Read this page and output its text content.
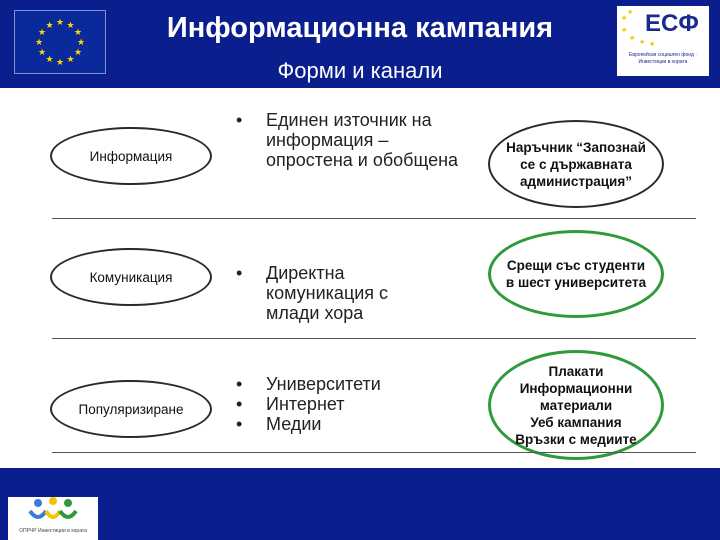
★ ★
★
★
★
★
★
★
★
★
★
★	Информационна кампания
Форми и канали
★
★
★
★ ★ ★
ЕСФ
Европейски социален фонд · Инвестиции в хората
Информация
•	Единен източник на информация – опростена и обобщена
Наръчник “Запознай се с държавната администрация”
Комуникация	•	Директна комуникация с млади хора
Срещи със студенти в шест университета
Популяризиране
•	Университети
•	Интернет
•	Медии
Плакати
Информационни материали
Уеб кампания
Връзки с медиите
ОПРЧР Инвестиции в хората
